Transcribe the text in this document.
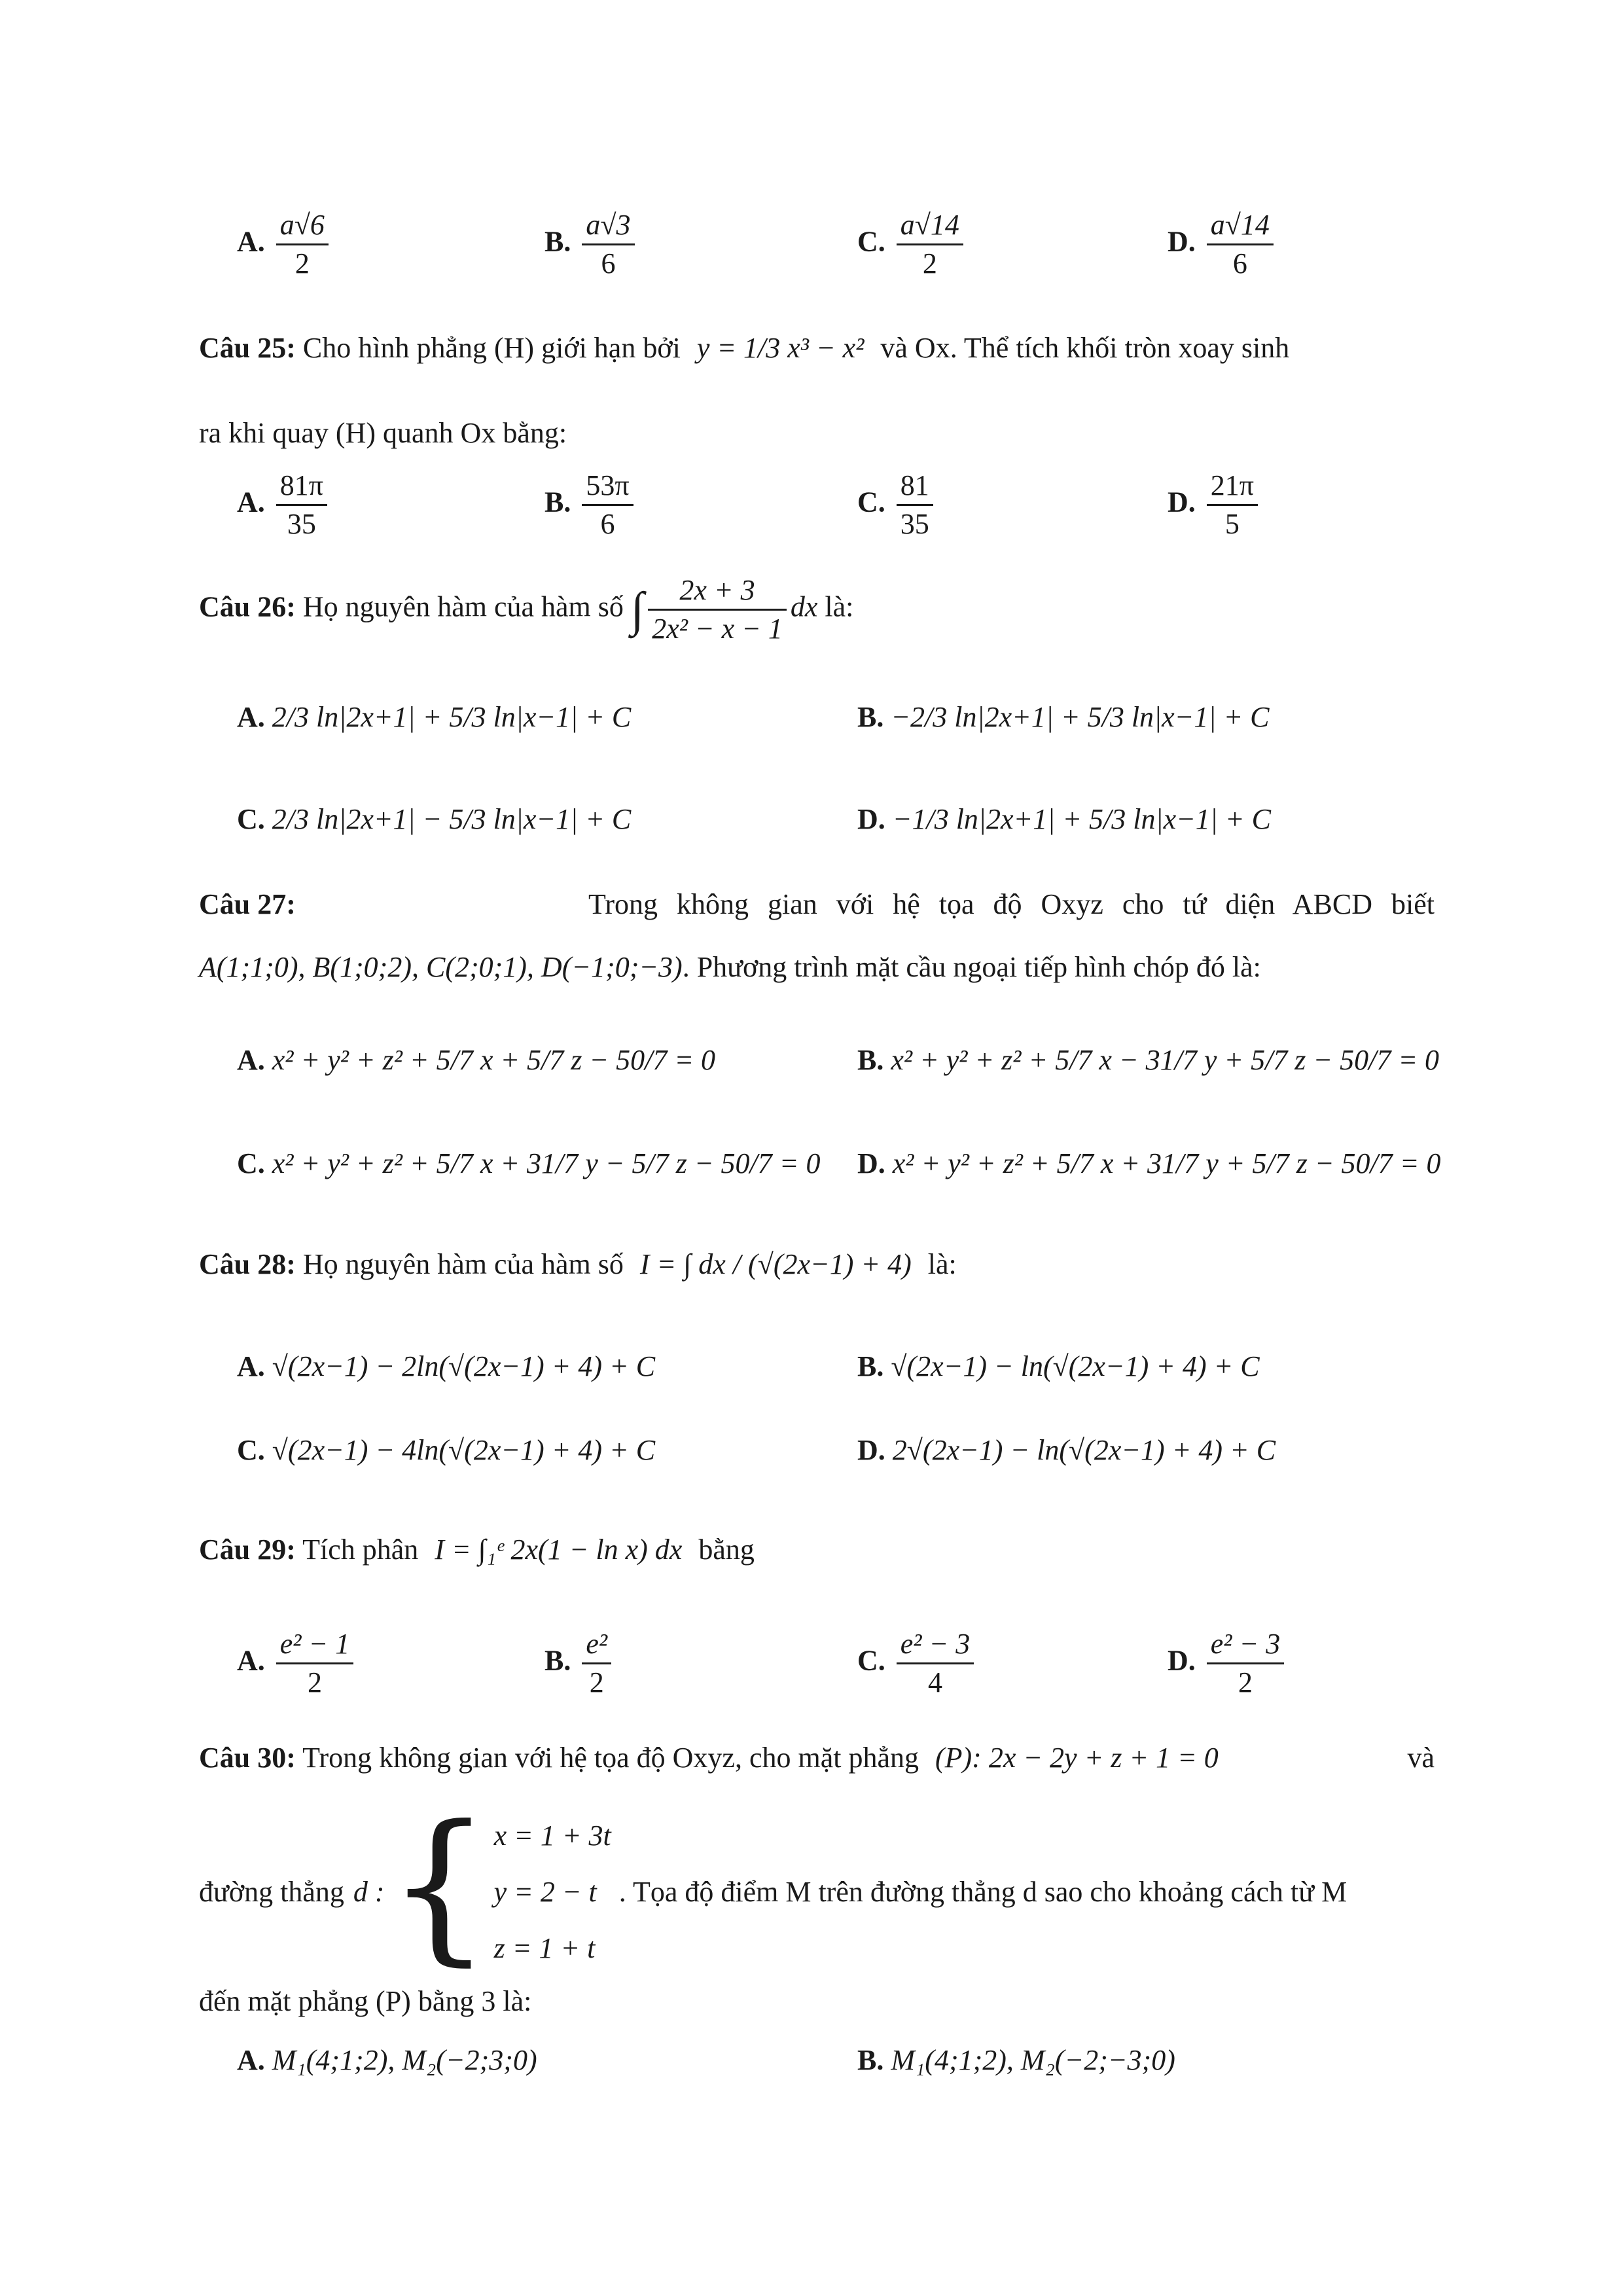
A. $\frac{a√6}{2}$	B. $\frac{a√3}{6}$	C. $\frac{a√14}{2}$	D. $\frac{a√14}{6}$
Câu 25: Cho hình phẳng (H) giới hạn bởi y = 1/3 x³ − x² và Ox. Thể tích khối tròn xoay sinh
ra khi quay (H) quanh Ox bằng:
A. $\frac{81\pi}{35}$	B. $\frac{53\pi}{6}$	C. $\frac{81}{35}$	D. $\frac{21\pi}{5}$
Câu 26: Họ nguyên hàm của hàm số ∫ $\frac{2x + 3}{\text{2x² − x − 1}}$ dx là:
A. 2/3 ln|2x+1| + 5/3 ln|x−1| + C	B. −2/3 ln|2x+1| + 5/3 ln|x−1| + C
C. 2/3 ln|2x+1| − 5/3 ln|x−1| + C	D. −1/3 ln|2x+1| + 5/3 ln|x−1| + C
Câu 27:	Trong không gian với hệ tọa độ Oxyz cho tứ diện ABCD biết
A(1;1;0), B(1;0;2), C(2;0;1), D(−1;0;−3). Phương trình mặt cầu ngoại tiếp hình chóp đó là:
A. x² + y² + z² + 5/7 x + 5/7 z − 50/7 = 0	B. x² + y² + z² + 5/7 x − 31/7 y + 5/7 z − 50/7 = 0
C. x² + y² + z² + 5/7 x + 31/7 y − 5/7 z − 50/7 = 0 D. x² + y² + z² + 5/7 x + 31/7 y + 5/7 z − 50/7 = 0
Câu 28: Họ nguyên hàm của hàm số I = ∫ dx / (√(2x−1) + 4) là:
A. √(2x−1) − 2ln(√(2x−1) + 4) + C	B. √(2x−1) − ln(√(2x−1) + 4) + C
C. √(2x−1) − 4ln(√(2x−1) + 4) + C	D. 2√(2x−1) − ln(√(2x−1) + 4) + C
Câu 29: Tích phân I = ∫₁ᵉ 2x(1 − ln x) dx bằng
A. $\frac{\text{e² − 1}}{2}$	B. $\frac{\text{e²}}{2}$	C. $\frac{\text{e² − 3}}{4}$	D. $\frac{\text{e² − 3}}{2}$
Câu 30: Trong không gian với hệ tọa độ Oxyz, cho mặt phẳng (P): 2x − 2y + z + 1 = 0	và
đường thẳng d : { x = 1 + 3t
y = 2 − t
z = 1 + t
. Tọa độ điểm M trên đường thẳng d sao cho khoảng cách từ M
đến mặt phẳng (P) bằng 3 là:
A. M₁(4;1;2), M₂(−2;3;0)	B. M₁(4;1;2), M₂(−2;−3;0)
